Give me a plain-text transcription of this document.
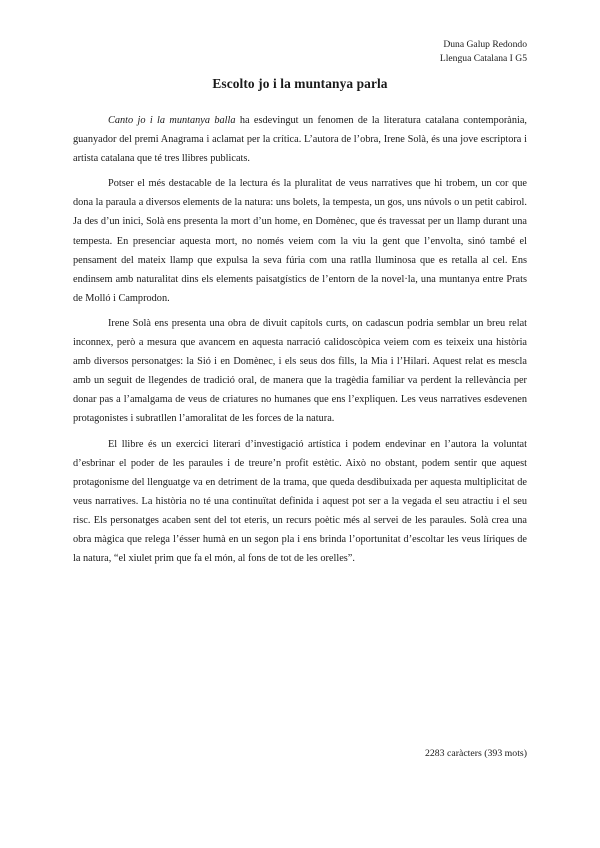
Duna Galup Redondo
Llengua Catalana I G5
Escolto jo i la muntanya parla

Canto jo i la muntanya balla ha esdevingut un fenomen de la literatura catalana contemporània, guanyador del premi Anagrama i aclamat per la crítica. L’autora de l’obra, Irene Solà, és una jove escriptora i artista catalana que té tres llibres publicats.

Potser el més destacable de la lectura és la pluralitat de veus narratives que hi trobem, un cor que dona la paraula a diversos elements de la natura: uns bolets, la tempesta, un gos, uns núvols o un petit cabirol. Ja des d’un inici, Solà ens presenta la mort d’un home, en Domènec, que és travessat per un llamp durant una tempesta. En presenciar aquesta mort, no només veiem com la viu la gent que l’envolta, sinó també el pensament del mateix llamp que expulsa la seva fúria com una ratlla lluminosa que es retalla al cel. Ens endinsem amb naturalitat dins els elements paisatgístics de l’entorn de la novel·la, una muntanya entre Prats de Molló i Camprodon.

Irene Solà ens presenta una obra de divuit capítols curts, on cadascun podria semblar un breu relat inconnex, però a mesura que avancem en aquesta narració calidoscòpica veiem com es teixeix una història amb diversos personatges: la Sió i en Domènec, i els seus dos fills, la Mia i l’Hilari. Aquest relat es mescla amb un seguit de llegendes de tradició oral, de manera que la tragèdia familiar va perdent la rellevància per donar pas a l’amalgama de veus de criatures no humanes que ens l’expliquen. Les veus narratives esdevenen protagonistes i subratllen l’amoralitat de les forces de la natura.

El llibre és un exercici literari d’investigació artística i podem endevinar en l’autora la voluntat d’esbrinar el poder de les paraules i de treure’n profit estètic. Això no obstant, podem sentir que aquest protagonisme del llenguatge va en detriment de la trama, que queda desdibuixada per aquesta multiplicitat de veus narratives. La història no té una continuïtat definida i aquest pot ser a la vegada el seu atractiu i el seu risc. Els personatges acaben sent del tot eteris, un recurs poètic més al servei de les paraules. Solà crea una obra màgica que relega l’ésser humà en un segon pla i ens brinda l’oportunitat d’escoltar les veus líriques de la natura, “el xiulet prim que fa el món, al fons de tot de les orelles”.

2283 caràcters (393 mots)
